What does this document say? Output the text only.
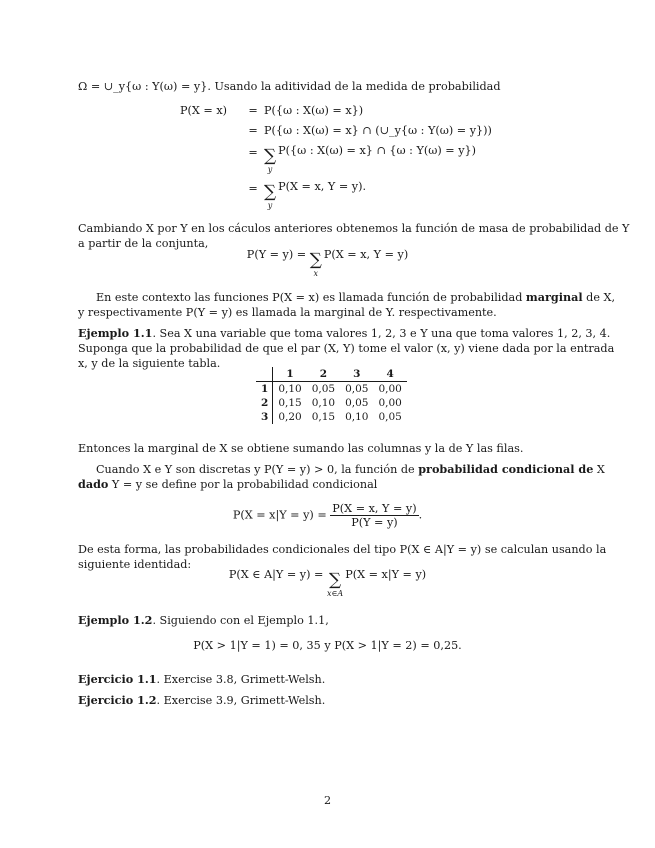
Ω = ∪_y{ω : Y(ω) = y}. Usando la aditividad de la medida de probabilidad
P(X = x)	= P({ω : X(ω) = x})
= P({ω : X(ω) = x} ∩ (∪_y{ω : Y(ω) = y}))
= ∑
y
P({ω : X(ω) = x} ∩ {ω : Y(ω) = y})
= ∑
y
P(X = x, Y = y).
Cambiando X por Y en los cáculos anteriores obtenemos la función de masa de probabilidad de Y
a partir de la conjunta,
P(Y = y) = ∑
x
P(X = x, Y = y)
En este contexto las funciones P(X = x) es llamada función de probabilidad marginal de X,
y respectivamente P(Y = y) es llamada la marginal de Y. respectivamente.
Ejemplo 1.1. Sea X una variable que toma valores 1, 2, 3 e Y una que toma valores 1, 2, 3, 4.
Suponga que la probabilidad de que el par (X, Y) tome el valor (x, y) viene dada por la entrada
x, y de la siguiente tabla.
	1	2	3	4
1	0,10	0,05	0,05	0,00
2	0,15	0,10	0,05	0,00
3	0,20	0,15	0,10	0,05
Entonces la marginal de X se obtiene sumando las columnas y la de Y las filas.
Cuando X e Y son discretas y P(Y = y) > 0, la función de probabilidad condicional de X
dado Y = y se define por la probabilidad condicional
$P(X = x|Y = y) = \frac{P(X = x, Y = y)}{P(Y = y)}$ .
De esta forma, las probabilidades condicionales del tipo P(X ∈ A|Y = y) se calculan usando la
siguiente identidad:
P(X ∈ A|Y = y) = ∑
x∈A
P(X = x|Y = y)
Ejemplo 1.2. Siguiendo con el Ejemplo 1.1,
P(X > 1|Y = 1) = 0, 35 y P(X > 1|Y = 2) = 0,25.
Ejercicio 1.1. Exercise 3.8, Grimett-Welsh.
Ejercicio 1.2. Exercise 3.9, Grimett-Welsh.
2
